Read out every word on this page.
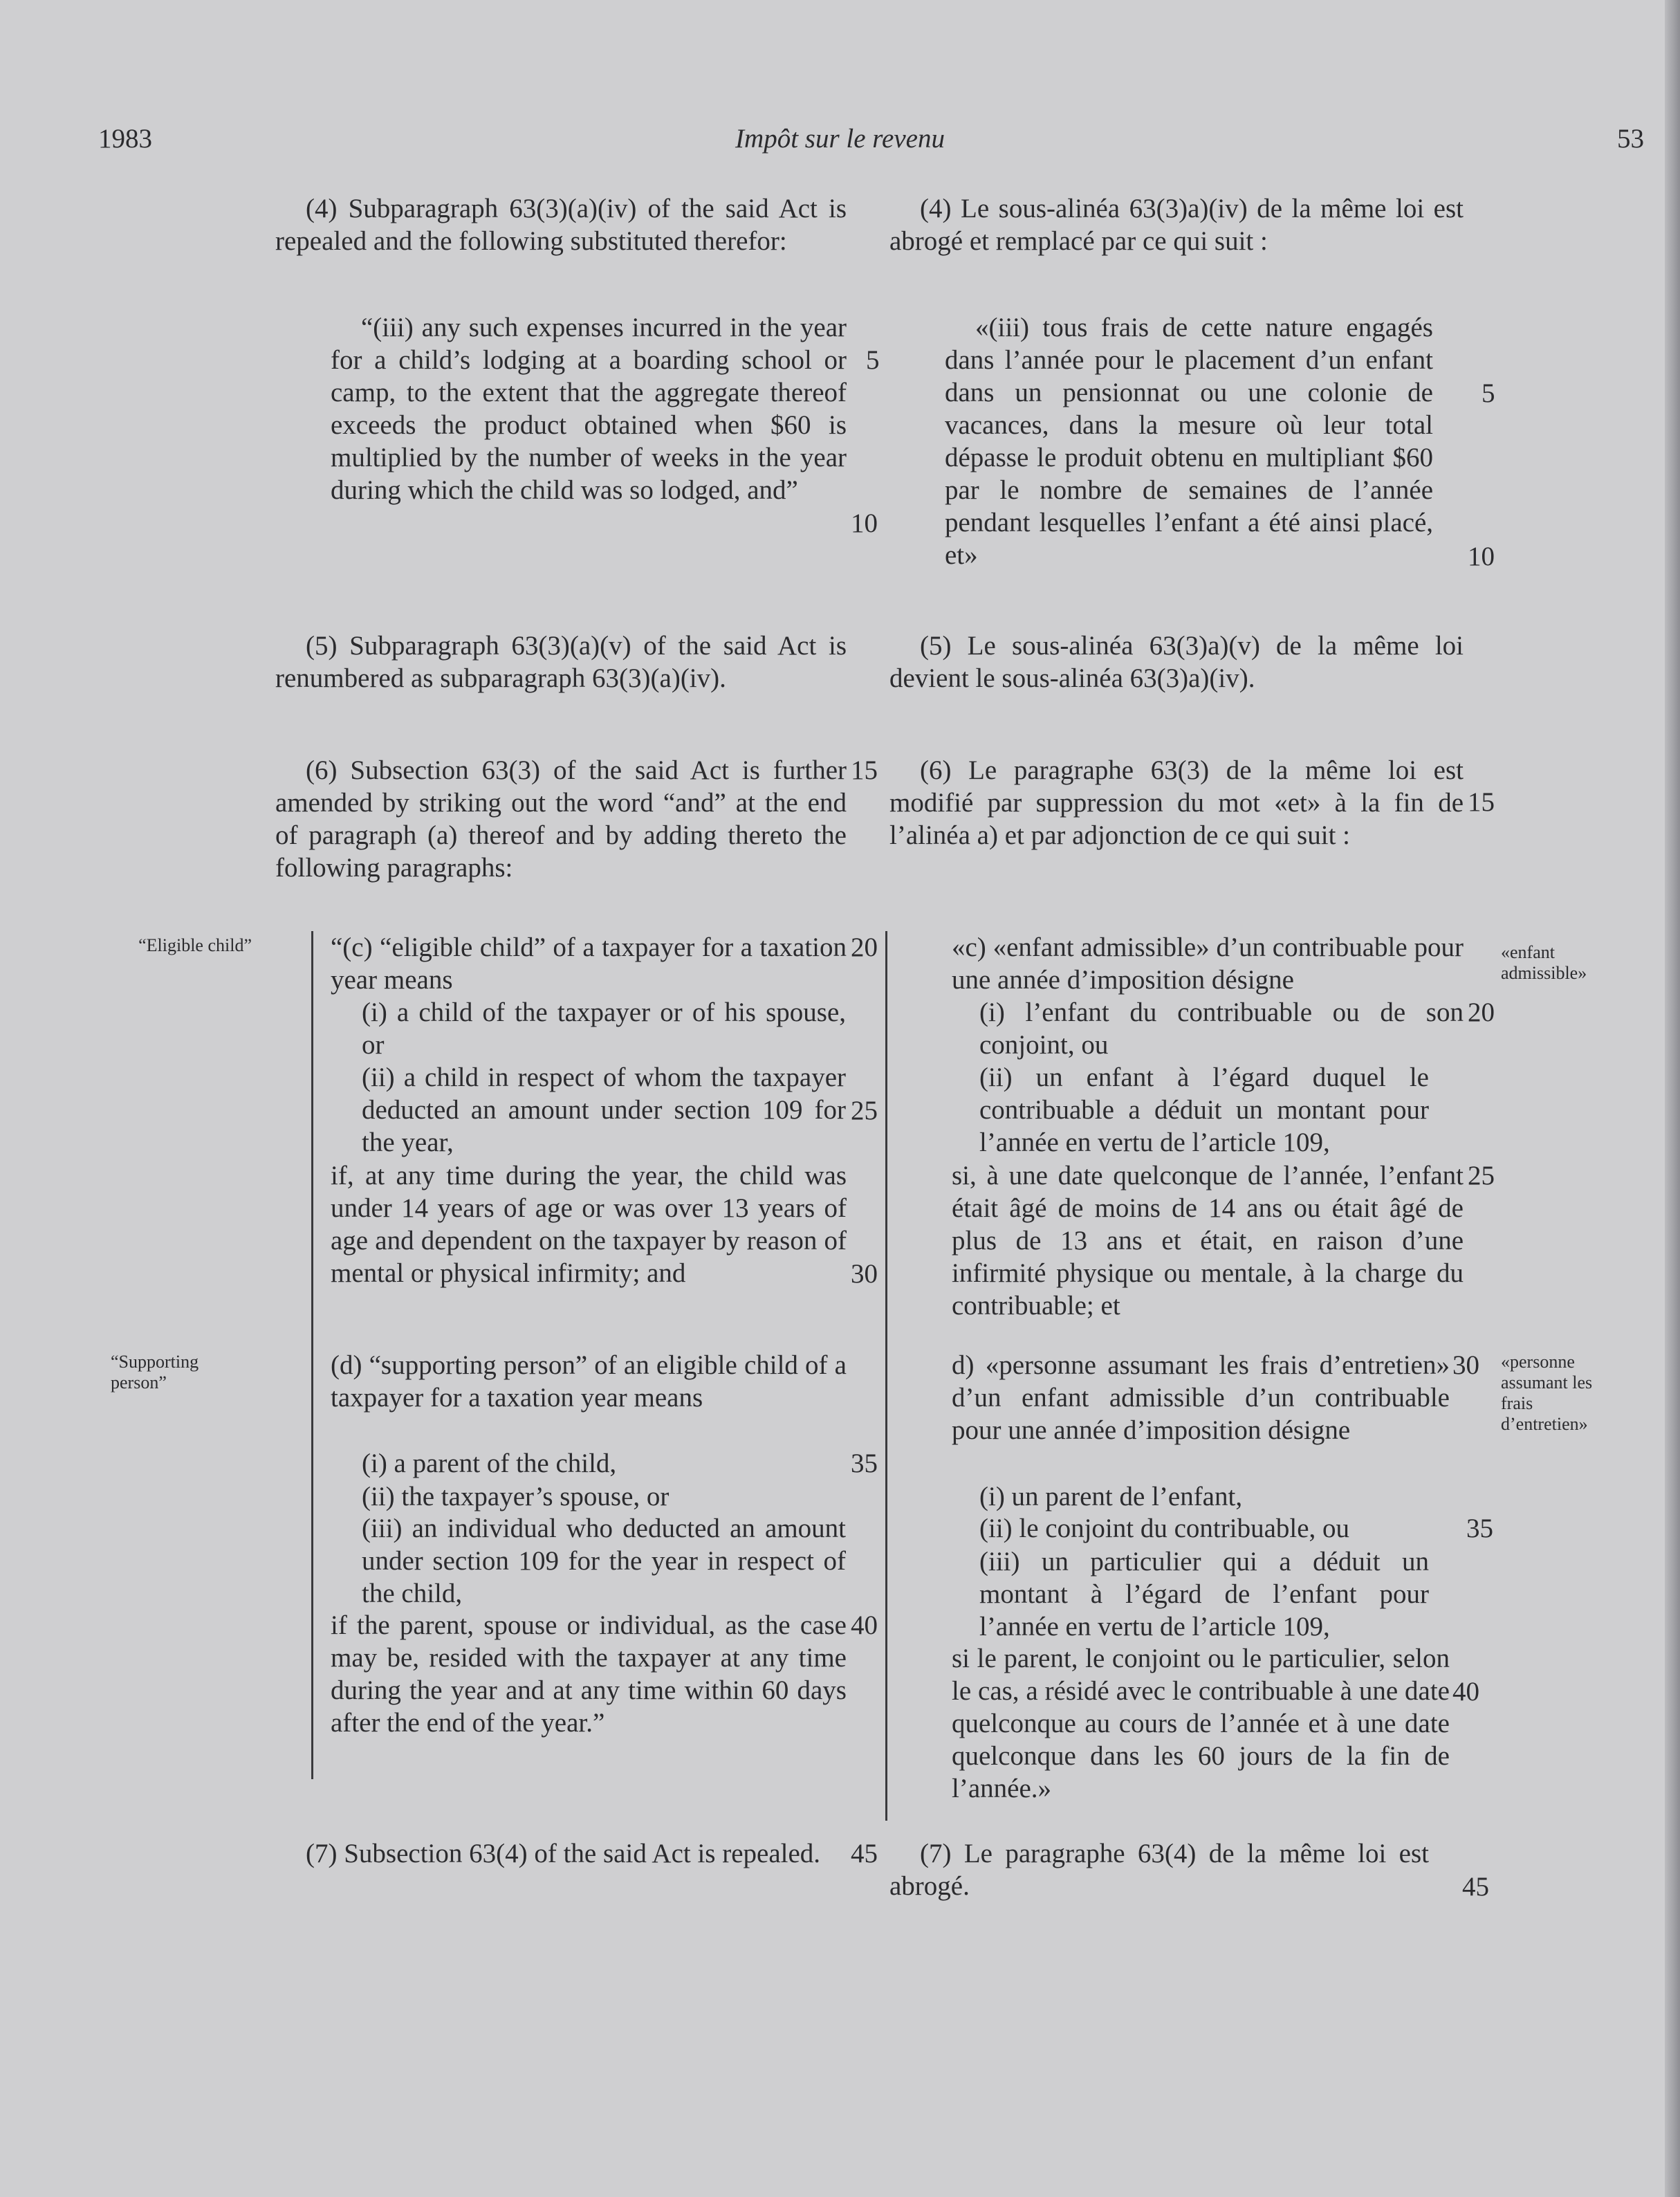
1983	Impôt sur le revenu	53

(4) Subparagraph 63(3)(a)(iv) of the said Act is repealed and the following substituted therefor:

“(iii) any such expenses incurred in the year for a child’s lodging at a boarding school or camp, to the extent that the aggregate thereof exceeds the product obtained when $60 is multiplied by the number of weeks in the year during which the child was so lodged, and”

(5) Subparagraph 63(3)(a)(v) of the said Act is renumbered as subparagraph 63(3)(a)(iv).

(6) Subsection 63(3) of the said Act is further amended by striking out the word “and” at the end of paragraph (a) thereof and by adding thereto the following paragraphs:

“(c) “eligible child” of a taxpayer for a taxation year means

(i) a child of the taxpayer or of his spouse, or

(ii) a child in respect of whom the taxpayer deducted an amount under section 109 for the year,

if, at any time during the year, the child was under 14 years of age or was over 13 years of age and dependent on the taxpayer by reason of mental or physical infirmity; and

(d) “supporting person” of an eligible child of a taxpayer for a taxation year means

(i) a parent of the child,

(ii) the taxpayer’s spouse, or

(iii) an individual who deducted an amount under section 109 for the year in respect of the child,

if the parent, spouse or individual, as the case may be, resided with the taxpayer at any time during the year and at any time within 60 days after the end of the year.”

(7) Subsection 63(4) of the said Act is repealed.

5
10
15
20
25
30
35
40
45
“Eligible child”
“Supporting person”

(4) Le sous-alinéa 63(3)a)(iv) de la même loi est abrogé et remplacé par ce qui suit :

«(iii) tous frais de cette nature engagés dans l’année pour le placement d’un enfant dans un pensionnat ou une colonie de vacances, dans la mesure où leur total dépasse le produit obtenu en multipliant $60 par le nombre de semaines de l’année pendant lesquelles l’enfant a été ainsi placé, et»

(5) Le sous-alinéa 63(3)a)(v) de la même loi devient le sous-alinéa 63(3)a)(iv).

(6) Le paragraphe 63(3) de la même loi est modifié par suppression du mot «et» à la fin de l’alinéa a) et par adjonction de ce qui suit :

«c) «enfant admissible» d’un contribuable pour une année d’imposition désigne

(i) l’enfant du contribuable ou de son conjoint, ou

(ii) un enfant à l’égard duquel le contribuable a déduit un montant pour l’année en vertu de l’article 109,

si, à une date quelconque de l’année, l’enfant était âgé de moins de 14 ans ou était âgé de plus de 13 ans et était, en raison d’une infirmité physique ou mentale, à la charge du contribuable; et

d) «personne assumant les frais d’entretien» d’un enfant admissible d’un contribuable pour une année d’imposition désigne

(i) un parent de l’enfant,

(ii) le conjoint du contribuable, ou

(iii) un particulier qui a déduit un montant à l’égard de l’enfant pour l’année en vertu de l’article 109,

si le parent, le conjoint ou le particulier, selon le cas, a résidé avec le contribuable à une date quelconque au cours de l’année et à une date quelconque dans les 60 jours de la fin de l’année.»

(7) Le paragraphe 63(4) de la même loi est abrogé.

5
10
15
20
25
30
35
40
45
«enfant admissible»
«personne assumant les frais d’entretien»
